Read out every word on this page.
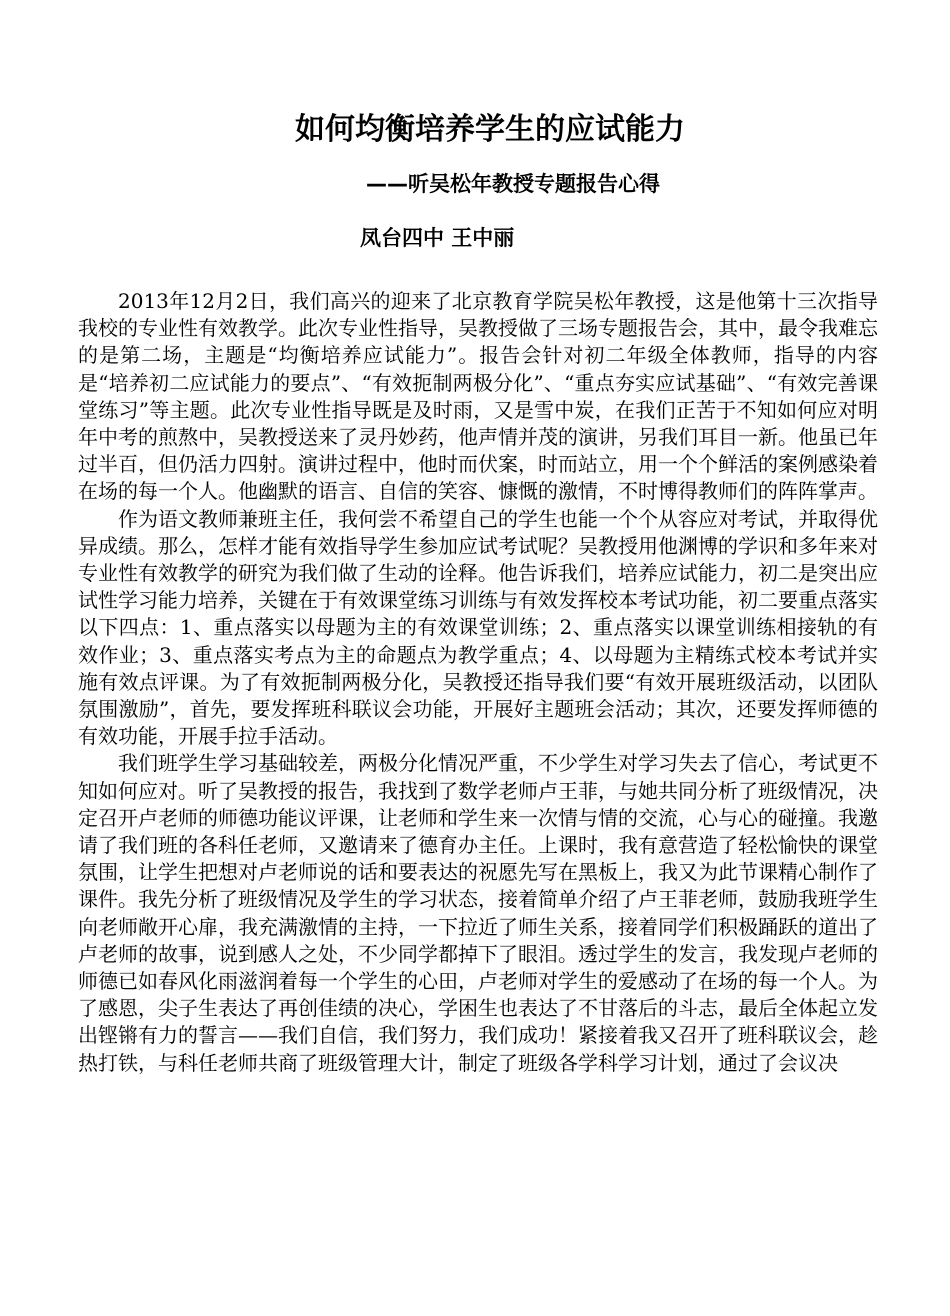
如何均衡培养学生的应试能力
——听吴松年教授专题报告心得
凤台四中 王中丽

2013年12月2日，我们高兴的迎来了北京教育学院吴松年教授，这是他第十三次指导我校的专业性有效教学。此次专业性指导，吴教授做了三场专题报告会，其中，最令我难忘的是第二场，主题是“均衡培养应试能力”。报告会针对初二年级全体教师，指导的内容是“培养初二应试能力的要点”、“有效扼制两极分化”、“重点夯实应试基础”、“有效完善课堂练习”等主题。此次专业性指导既是及时雨，又是雪中炭，在我们正苦于不知如何应对明年中考的煎熬中，吴教授送来了灵丹妙药，他声情并茂的演讲，另我们耳目一新。他虽已年过半百，但仍活力四射。演讲过程中，他时而伏案，时而站立，用一个个鲜活的案例感染着在场的每一个人。他幽默的语言、自信的笑容、慷慨的激情，不时博得教师们的阵阵掌声。

作为语文教师兼班主任，我何尝不希望自己的学生也能一个个从容应对考试，并取得优异成绩。那么，怎样才能有效指导学生参加应试考试呢？吴教授用他渊博的学识和多年来对专业性有效教学的研究为我们做了生动的诠释。他告诉我们，培养应试能力，初二是突出应试性学习能力培养，关键在于有效课堂练习训练与有效发挥校本考试功能，初二要重点落实以下四点：1、重点落实以母题为主的有效课堂训练；2、重点落实以课堂训练相接轨的有效作业；3、重点落实考点为主的命题点为教学重点；4、以母题为主精练式校本考试并实施有效点评课。为了有效扼制两极分化，吴教授还指导我们要“有效开展班级活动，以团队氛围激励”，首先，要发挥班科联议会功能，开展好主题班会活动；其次，还要发挥师德的有效功能，开展手拉手活动。

我们班学生学习基础较差，两极分化情况严重，不少学生对学习失去了信心，考试更不知如何应对。听了吴教授的报告，我找到了数学老师卢王菲，与她共同分析了班级情况，决定召开卢老师的师德功能议评课，让老师和学生来一次情与情的交流，心与心的碰撞。我邀请了我们班的各科任老师，又邀请来了德育办主任。上课时，我有意营造了轻松愉快的课堂氛围，让学生把想对卢老师说的话和要表达的祝愿先写在黑板上，我又为此节课精心制作了课件。我先分析了班级情况及学生的学习状态，接着简单介绍了卢王菲老师，鼓励我班学生向老师敞开心扉，我充满激情的主持，一下拉近了师生关系，接着同学们积极踊跃的道出了卢老师的故事，说到感人之处，不少同学都掉下了眼泪。透过学生的发言，我发现卢老师的师德已如春风化雨滋润着每一个学生的心田，卢老师对学生的爱感动了在场的每一个人。为了感恩，尖子生表达了再创佳绩的决心，学困生也表达了不甘落后的斗志，最后全体起立发出铿锵有力的誓言——我们自信，我们努力，我们成功！紧接着我又召开了班科联议会，趁热打铁，与科任老师共商了班级管理大计，制定了班级各学科学习计划，通过了会议决
